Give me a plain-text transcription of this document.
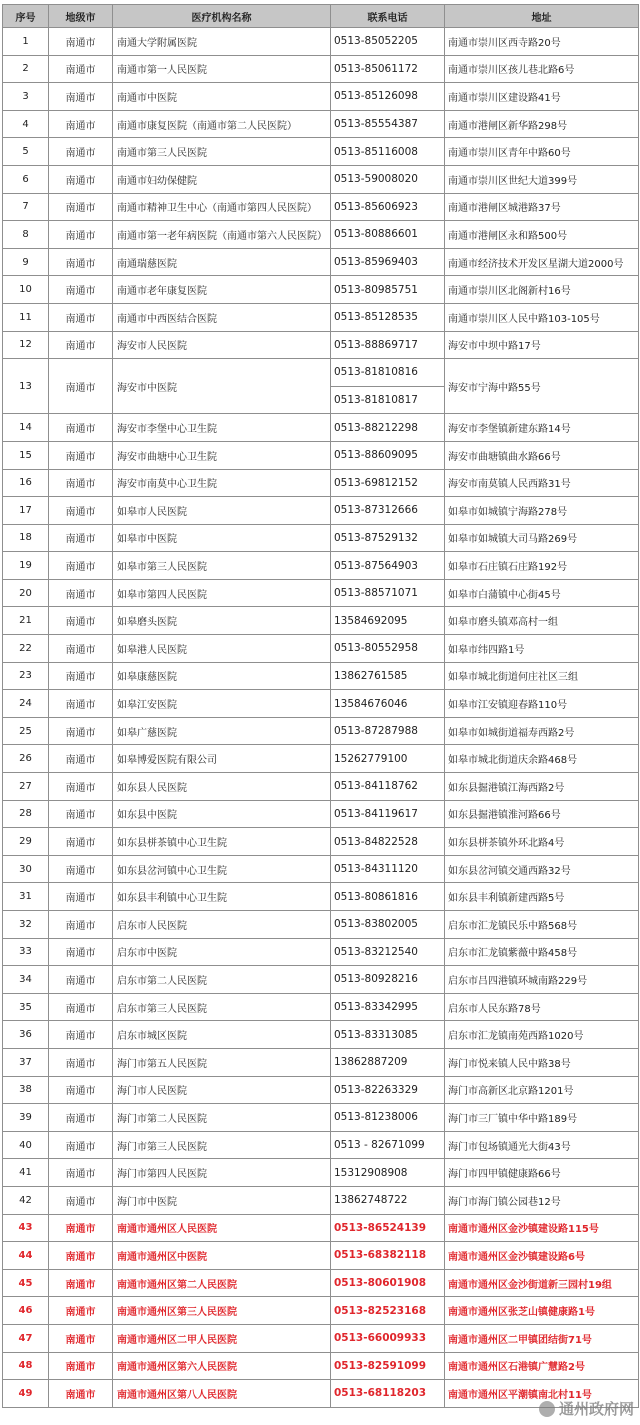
序号	地级市	医疗机构名称	联系电话	地址
1	南通市	南通大学附属医院	0513-85052205	南通市崇川区西寺路20号
2	南通市	南通市第一人民医院	0513-85061172	南通市崇川区孩儿巷北路6号
3	南通市	南通市中医院	0513-85126098	南通市崇川区建设路41号
4	南通市	南通市康复医院（南通市第二人民医院）	0513-85554387	南通市港闸区新华路298号
5	南通市	南通市第三人民医院	0513-85116008	南通市崇川区青年中路60号
6	南通市	南通市妇幼保健院	0513-59008020	南通市崇川区世纪大道399号
7	南通市	南通市精神卫生中心（南通市第四人民医院）	0513-85606923	南通市港闸区城港路37号
8	南通市	南通市第一老年病医院（南通市第六人民医院）	0513-80886601	南通市港闸区永和路500号
9	南通市	南通瑞慈医院	0513-85969403	南通市经济技术开发区星湖大道2000号
10	南通市	南通市老年康复医院	0513-80985751	南通市崇川区北阁新村16号
11	南通市	南通市中西医结合医院	0513-85128535	南通市崇川区人民中路103-105号
12	南通市	海安市人民医院	0513-88869717	海安市中坝中路17号
13	南通市	海安市中医院	0513-81810816	海安市宁海中路55号
			0513-81810817	
14	南通市	海安市李堡中心卫生院	0513-88212298	海安市李堡镇新建东路14号
15	南通市	海安市曲塘中心卫生院	0513-88609095	海安市曲塘镇曲水路66号
16	南通市	海安市南莫中心卫生院	0513-69812152	海安市南莫镇人民西路31号
17	南通市	如皋市人民医院	0513-87312666	如皋市如城镇宁海路278号
18	南通市	如皋市中医院	0513-87529132	如皋市如城镇大司马路269号
19	南通市	如皋市第三人民医院	0513-87564903	如皋市石庄镇石庄路192号
20	南通市	如皋市第四人民医院	0513-88571071	如皋市白蒲镇中心街45号
21	南通市	如皋磨头医院	13584692095	如皋市磨头镇邓高村一组
22	南通市	如皋港人民医院	0513-80552958	如皋市纬四路1号
23	南通市	如皋康慈医院	13862761585	如皋市城北街道何庄社区三组
24	南通市	如皋江安医院	13584676046	如皋市江安镇迎春路110号
25	南通市	如皋广慈医院	0513-87287988	如皋市如城街道福寿西路2号
26	南通市	如皋博爱医院有限公司	15262779100	如皋市城北街道庆余路468号
27	南通市	如东县人民医院	0513-84118762	如东县掘港镇江海西路2号
28	南通市	如东县中医院	0513-84119617	如东县掘港镇淮河路66号
29	南通市	如东县栟茶镇中心卫生院	0513-84822528	如东县栟茶镇外环北路4号
30	南通市	如东县岔河镇中心卫生院	0513-84311120	如东县岔河镇交通西路32号
31	南通市	如东县丰利镇中心卫生院	0513-80861816	如东县丰利镇新建西路5号
32	南通市	启东市人民医院	0513-83802005	启东市汇龙镇民乐中路568号
33	南通市	启东市中医院	0513-83212540	启东市汇龙镇紫薇中路458号
34	南通市	启东市第二人民医院	0513-80928216	启东市吕四港镇环城南路229号
35	南通市	启东市第三人民医院	0513-83342995	启东市人民东路78号
36	南通市	启东市城区医院	0513-83313085	启东市汇龙镇南苑西路1020号
37	南通市	海门市第五人民医院	13862887209	海门市悦来镇人民中路38号
38	南通市	海门市人民医院	0513-82263329	海门市高新区北京路1201号
39	南通市	海门市第二人民医院	0513-81238006	海门市三厂镇中华中路189号
40	南通市	海门市第三人民医院	0513 - 82671099	海门市包场镇通光大街43号
41	南通市	海门市第四人民医院	15312908908	海门市四甲镇健康路66号
42	南通市	海门市中医院	13862748722	海门市海门镇公园巷12号
43	南通市	南通市通州区人民医院	0513-86524139	南通市通州区金沙镇建设路115号
44	南通市	南通市通州区中医院	0513-68382118	南通市通州区金沙镇建设路6号
45	南通市	南通市通州区第二人民医院	0513-80601908	南通市通州区金沙街道新三园村19组
46	南通市	南通市通州区第三人民医院	0513-82523168	南通市通州区张芝山镇健康路1号
47	南通市	南通市通州区二甲人民医院	0513-66009933	南通市通州区二甲镇团结街71号
48	南通市	南通市通州区第六人民医院	0513-82591099	南通市通州区石港镇广慧路2号
49	南通市	南通市通州区第八人民医院	0513-68118203	南通市通州区平潮镇南北村11号
通州政府网
